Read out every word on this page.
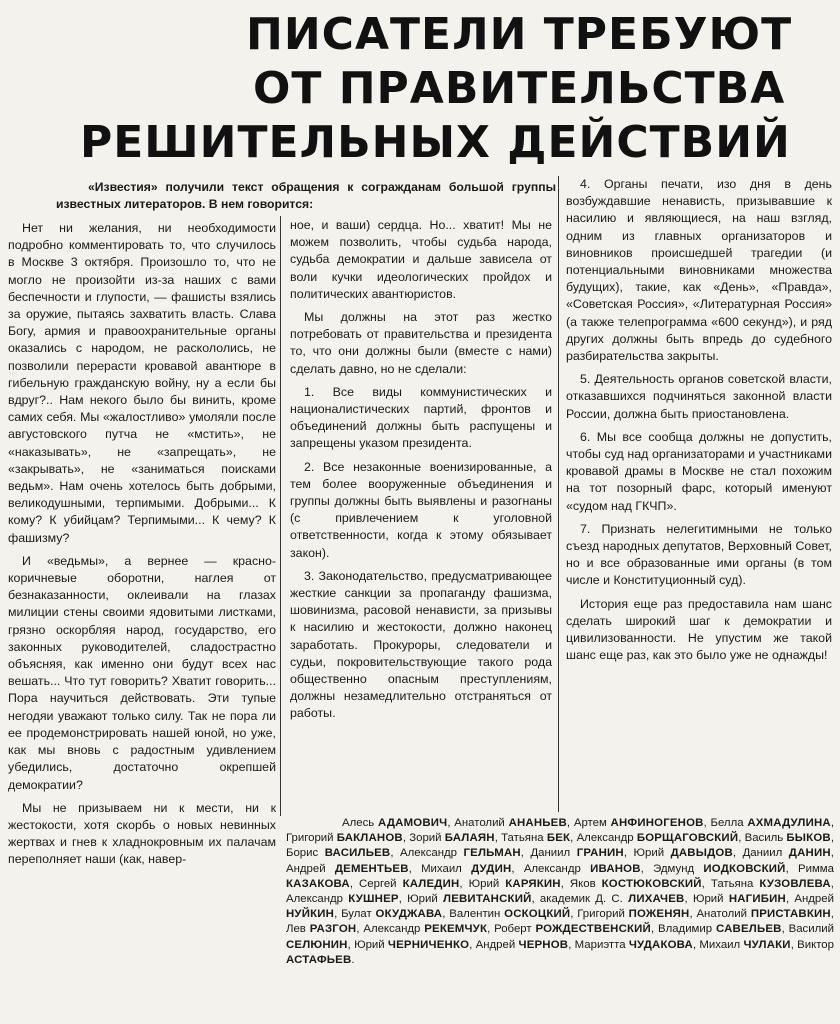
ПИСАТЕЛИ ТРЕБУЮТ
ОТ ПРАВИТЕЛЬСТВА
РЕШИТЕЛЬНЫХ ДЕЙСТВИЙ
«Известия» получили текст обращения к согражданам большой группы известных литераторов. В нем говорится:

Нет ни желания, ни необходимости подробно комментировать то, что случилось в Москве 3 октября. Произошло то, что не могло не произойти из-за наших с вами беспечности и глупости, — фашисты взялись за оружие, пытаясь захватить власть. Слава Богу, армия и правоохранительные органы оказались с народом, не раскололись, не позволили перерасти кровавой авантюре в гибельную гражданскую войну, ну а если бы вдруг?.. Нам некого было бы винить, кроме самих себя. Мы «жалостливо» умоляли после августовского путча не «мстить», не «наказывать», не «запрещать», не «закрывать», не «заниматься поисками ведьм». Нам очень хотелось быть добрыми, великодушными, терпимыми. Добрыми... К кому? К убийцам? Терпимыми... К чему? К фашизму?

И «ведьмы», а вернее — красно-коричневые оборотни, наглея от безнаказанности, оклеивали на глазах милиции стены своими ядовитыми листками, грязно оскорбляя народ, государство, его законных руководителей, сладострастно объясняя, как именно они будут всех нас вешать... Что тут говорить? Хватит говорить... Пора научиться действовать. Эти тупые негодяи уважают только силу. Так не пора ли ее продемонстрировать нашей юной, но уже, как мы вновь с радостным удивлением убедились, достаточно окрепшей демократии?

Мы не призываем ни к мести, ни к жестокости, хотя скорбь о новых невинных жертвах и гнев к хладнокровным их палачам переполняет наши (как, навер-

ное, и ваши) сердца. Но... хватит! Мы не можем позволить, чтобы судьба народа, судьба демократии и дальше зависела от воли кучки идеологических пройдох и политических авантюристов.

Мы должны на этот раз жестко потребовать от правительства и президента то, что они должны были (вместе с нами) сделать давно, но не сделали:

1. Все виды коммунистических и националистических партий, фронтов и объединений должны быть распущены и запрещены указом президента.

2. Все незаконные военизированные, а тем более вооруженные объединения и группы должны быть выявлены и разогнаны (с привлечением к уголовной ответственности, когда к этому обязывает закон).

3. Законодательство, предусматривающее жесткие санкции за пропаганду фашизма, шовинизма, расовой ненависти, за призывы к насилию и жестокости, должно наконец заработать. Прокуроры, следователи и судьи, покровительствующие такого рода общественно опасным преступлениям, должны незамедлительно отстраняться от работы.

4. Органы печати, изо дня в день возбуждавшие ненависть, призывавшие к насилию и являющиеся, на наш взгляд, одним из главных организаторов и виновников происшедшей трагедии (и потенциальными виновниками множества будущих), такие, как «День», «Правда», «Советская Россия», «Литературная Россия» (а также телепрограмма «600 секунд»), и ряд других должны быть впредь до судебного разбирательства закрыты.

5. Деятельность органов советской власти, отказавшихся подчиняться законной власти России, должна быть приостановлена.

6. Мы все сообща должны не допустить, чтобы суд над организаторами и участниками кровавой драмы в Москве не стал похожим на тот позорный фарс, который именуют «судом над ГКЧП».

7. Признать нелегитимными не только съезд народных депутатов, Верховный Совет, но и все образованные ими органы (в том числе и Конституционный суд).

История еще раз предоставила нам шанс сделать широкий шаг к демократии и цивилизованности. Не упустим же такой шанс еще раз, как это было уже не однажды!

Алесь АДАМОВИЧ, Анатолий АНАНЬЕВ, Артем АНФИНОГЕНОВ, Белла АХМАДУЛИНА, Григорий БАКЛАНОВ, Зорий БАЛАЯН, Татьяна БЕК, Александр БОРЩАГОВСКИЙ, Василь БЫКОВ, Борис ВАСИЛЬЕВ, Александр ГЕЛЬМАН, Даниил ГРАНИН, Юрий ДАВЫДОВ, Даниил ДАНИН, Андрей ДЕМЕНТЬЕВ, Михаил ДУДИН, Александр ИВАНОВ, Эдмунд ИОДКОВСКИЙ, Римма КАЗАКОВА, Сергей КАЛЕДИН, Юрий КАРЯКИН, Яков КОСТЮКОВСКИЙ, Татьяна КУЗОВЛЕВА, Александр КУШНЕР, Юрий ЛЕВИТАНСКИЙ, академик Д. С. ЛИХАЧЕВ, Юрий НАГИБИН, Андрей НУЙКИН, Булат ОКУДЖАВА, Валентин ОСКОЦКИЙ, Григорий ПОЖЕНЯН, Анатолий ПРИСТАВКИН, Лев РАЗГОН, Александр РЕКЕМЧУК, Роберт РОЖДЕСТВЕНСКИЙ, Владимир САВЕЛЬЕВ, Василий СЕЛЮНИН, Юрий ЧЕРНИЧЕНКО, Андрей ЧЕРНОВ, Мариэтта ЧУДАКОВА, Михаил ЧУЛАКИ, Виктор АСТАФЬЕВ.
